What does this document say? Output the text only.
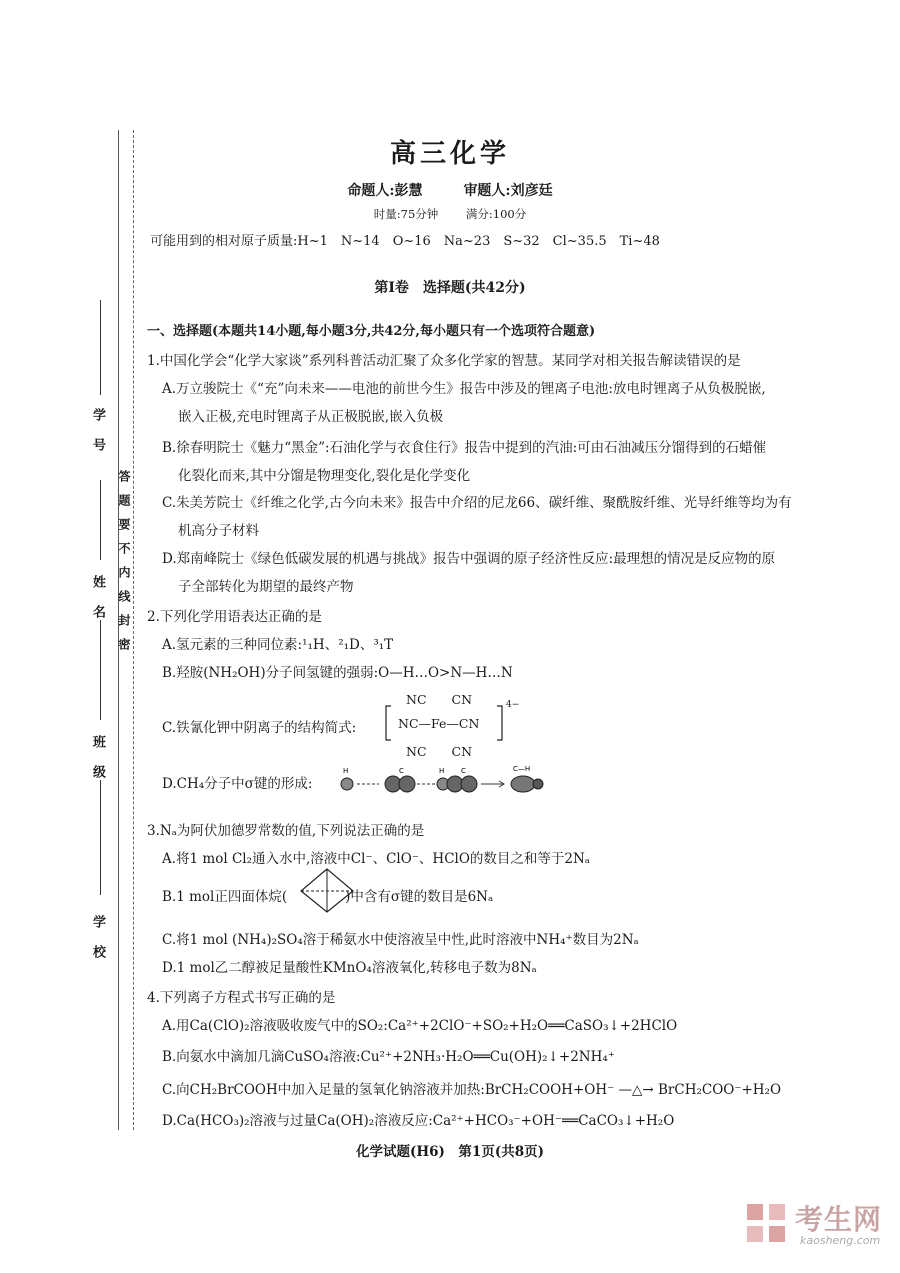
学　号
姓　名
班　级
学　校
答　题　要　不　内　线　封　密
高三化学
命题人:彭慧	审题人:刘彦廷
时量:75分钟 满分:100分
可能用到的相对原子质量:H~1　N~14　O~16　Na~23　S~32　Cl~35.5　Ti~48
第Ⅰ卷　选择题(共42分)
一、选择题(本题共14小题,每小题3分,共42分,每小题只有一个选项符合题意)
1.中国化学会“化学大家谈”系列科普活动汇聚了众多化学家的智慧。某同学对相关报告解读错误的是
A.万立骏院士《“充”向未来——电池的前世今生》报告中涉及的锂离子电池:放电时锂离子从负极脱嵌,
嵌入正极,充电时锂离子从正极脱嵌,嵌入负极
B.徐春明院士《魅力“黑金”:石油化学与衣食住行》报告中提到的汽油:可由石油减压分馏得到的石蜡催
化裂化而来,其中分馏是物理变化,裂化是化学变化
C.朱美芳院士《纤维之化学,古今向未来》报告中介绍的尼龙66、碳纤维、聚酰胺纤维、光导纤维等均为有
机高分子材料
D.郑南峰院士《绿色低碳发展的机遇与挑战》报告中强调的原子经济性反应:最理想的情况是反应物的原
子全部转化为期望的最终产物
2.下列化学用语表达正确的是
A.氢元素的三种同位素:¹₁H、²₁D、³₁T
B.羟胺(NH₂OH)分子间氢键的强弱:O—H…O>N—H…N
C.铁氰化钾中阴离子的结构简式:
NC　　CN
NC—Fe—CN
NC　　CN
4−
D.CH₄分子中σ键的形成:
H	C	H C	C—H
3.Nₐ为阿伏加德罗常数的值,下列说法正确的是
A.将1 mol Cl₂通入水中,溶液中Cl⁻、ClO⁻、HClO的数目之和等于2Nₐ
B.1 mol正四面体烷(	)中含有σ键的数目是6Nₐ
C.将1 mol (NH₄)₂SO₄溶于稀氨水中使溶液呈中性,此时溶液中NH₄⁺数目为2Nₐ
D.1 mol乙二醇被足量酸性KMnO₄溶液氧化,转移电子数为8Nₐ
4.下列离子方程式书写正确的是
A.用Ca(ClO)₂溶液吸收废气中的SO₂:Ca²⁺+2ClO⁻+SO₂+H₂O══CaSO₃↓+2HClO
B.向氨水中滴加几滴CuSO₄溶液:Cu²⁺+2NH₃·H₂O══Cu(OH)₂↓+2NH₄⁺
C.向CH₂BrCOOH中加入足量的氢氧化钠溶液并加热:BrCH₂COOH+OH⁻ —△→ BrCH₂COO⁻+H₂O
D.Ca(HCO₃)₂溶液与过量Ca(OH)₂溶液反应:Ca²⁺+HCO₃⁻+OH⁻══CaCO₃↓+H₂O
化学试题(H6)　第1页(共8页)
考生网
kaosheng.com
